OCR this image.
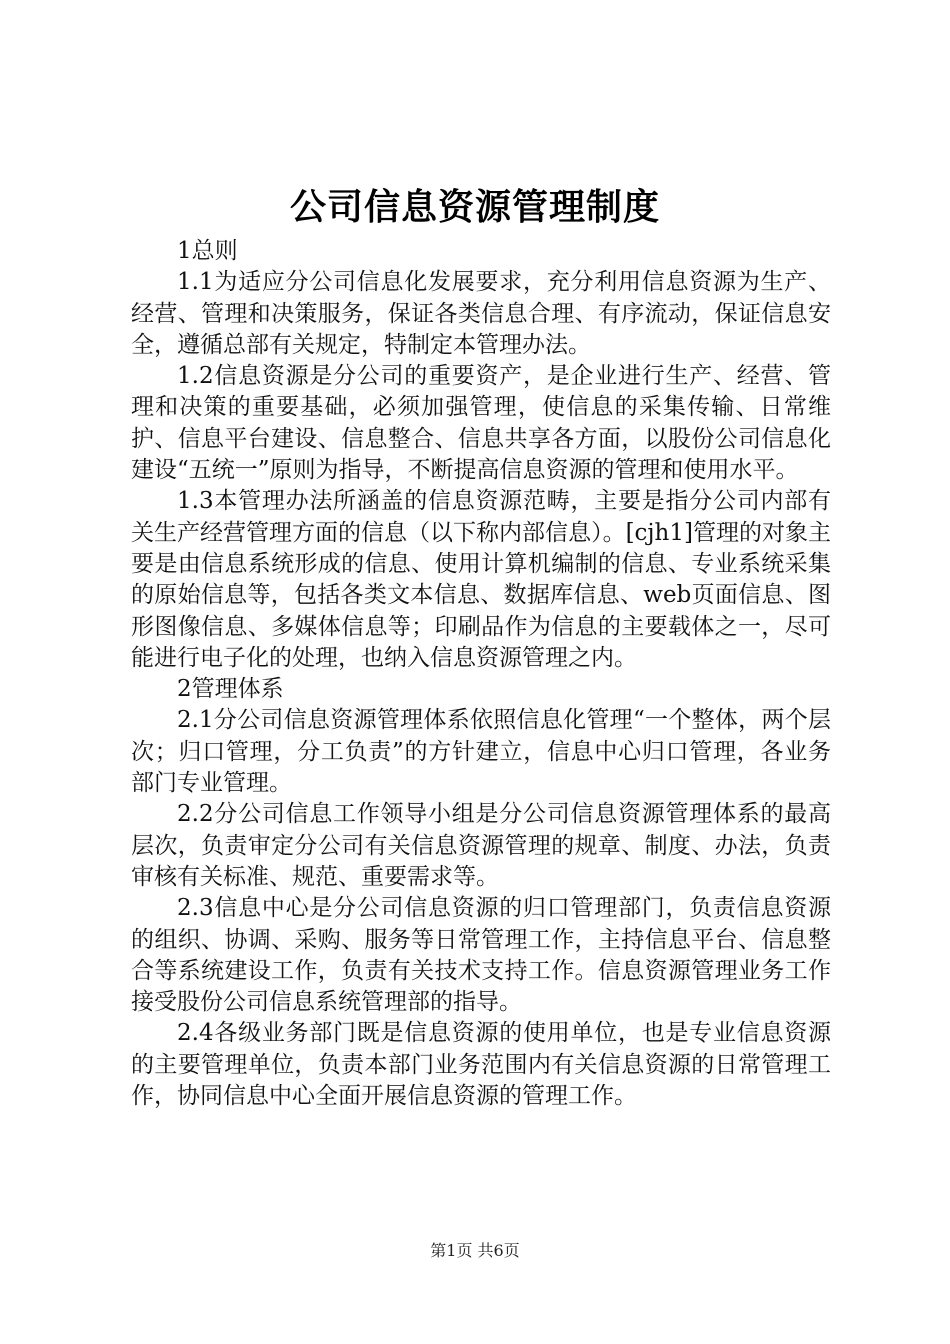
公司信息资源管理制度

1总则

1.1为适应分公司信息化发展要求，充分利用信息资源为生产、经营、管理和决策服务，保证各类信息合理、有序流动，保证信息安全，遵循总部有关规定，特制定本管理办法。

1.2信息资源是分公司的重要资产，是企业进行生产、经营、管理和决策的重要基础，必须加强管理，使信息的采集传输、日常维护、信息平台建设、信息整合、信息共享各方面，以股份公司信息化建设“五统一”原则为指导，不断提高信息资源的管理和使用水平。

1.3本管理办法所涵盖的信息资源范畴，主要是指分公司内部有关生产经营管理方面的信息（以下称内部信息）。[cjh1]管理的对象主要是由信息系统形成的信息、使用计算机编制的信息、专业系统采集的原始信息等，包括各类文本信息、数据库信息、web页面信息、图形图像信息、多媒体信息等；印刷品作为信息的主要载体之一，尽可能进行电子化的处理，也纳入信息资源管理之内。

2管理体系

2.1分公司信息资源管理体系依照信息化管理“一个整体，两个层次；归口管理，分工负责”的方针建立，信息中心归口管理，各业务部门专业管理。

2.2分公司信息工作领导小组是分公司信息资源管理体系的最高层次，负责审定分公司有关信息资源管理的规章、制度、办法，负责审核有关标准、规范、重要需求等。

2.3信息中心是分公司信息资源的归口管理部门，负责信息资源的组织、协调、采购、服务等日常管理工作，主持信息平台、信息整合等系统建设工作，负责有关技术支持工作。信息资源管理业务工作接受股份公司信息系统管理部的指导。

2.4各级业务部门既是信息资源的使用单位，也是专业信息资源的主要管理单位，负责本部门业务范围内有关信息资源的日常管理工作，协同信息中心全面开展信息资源的管理工作。

第1页 共6页
